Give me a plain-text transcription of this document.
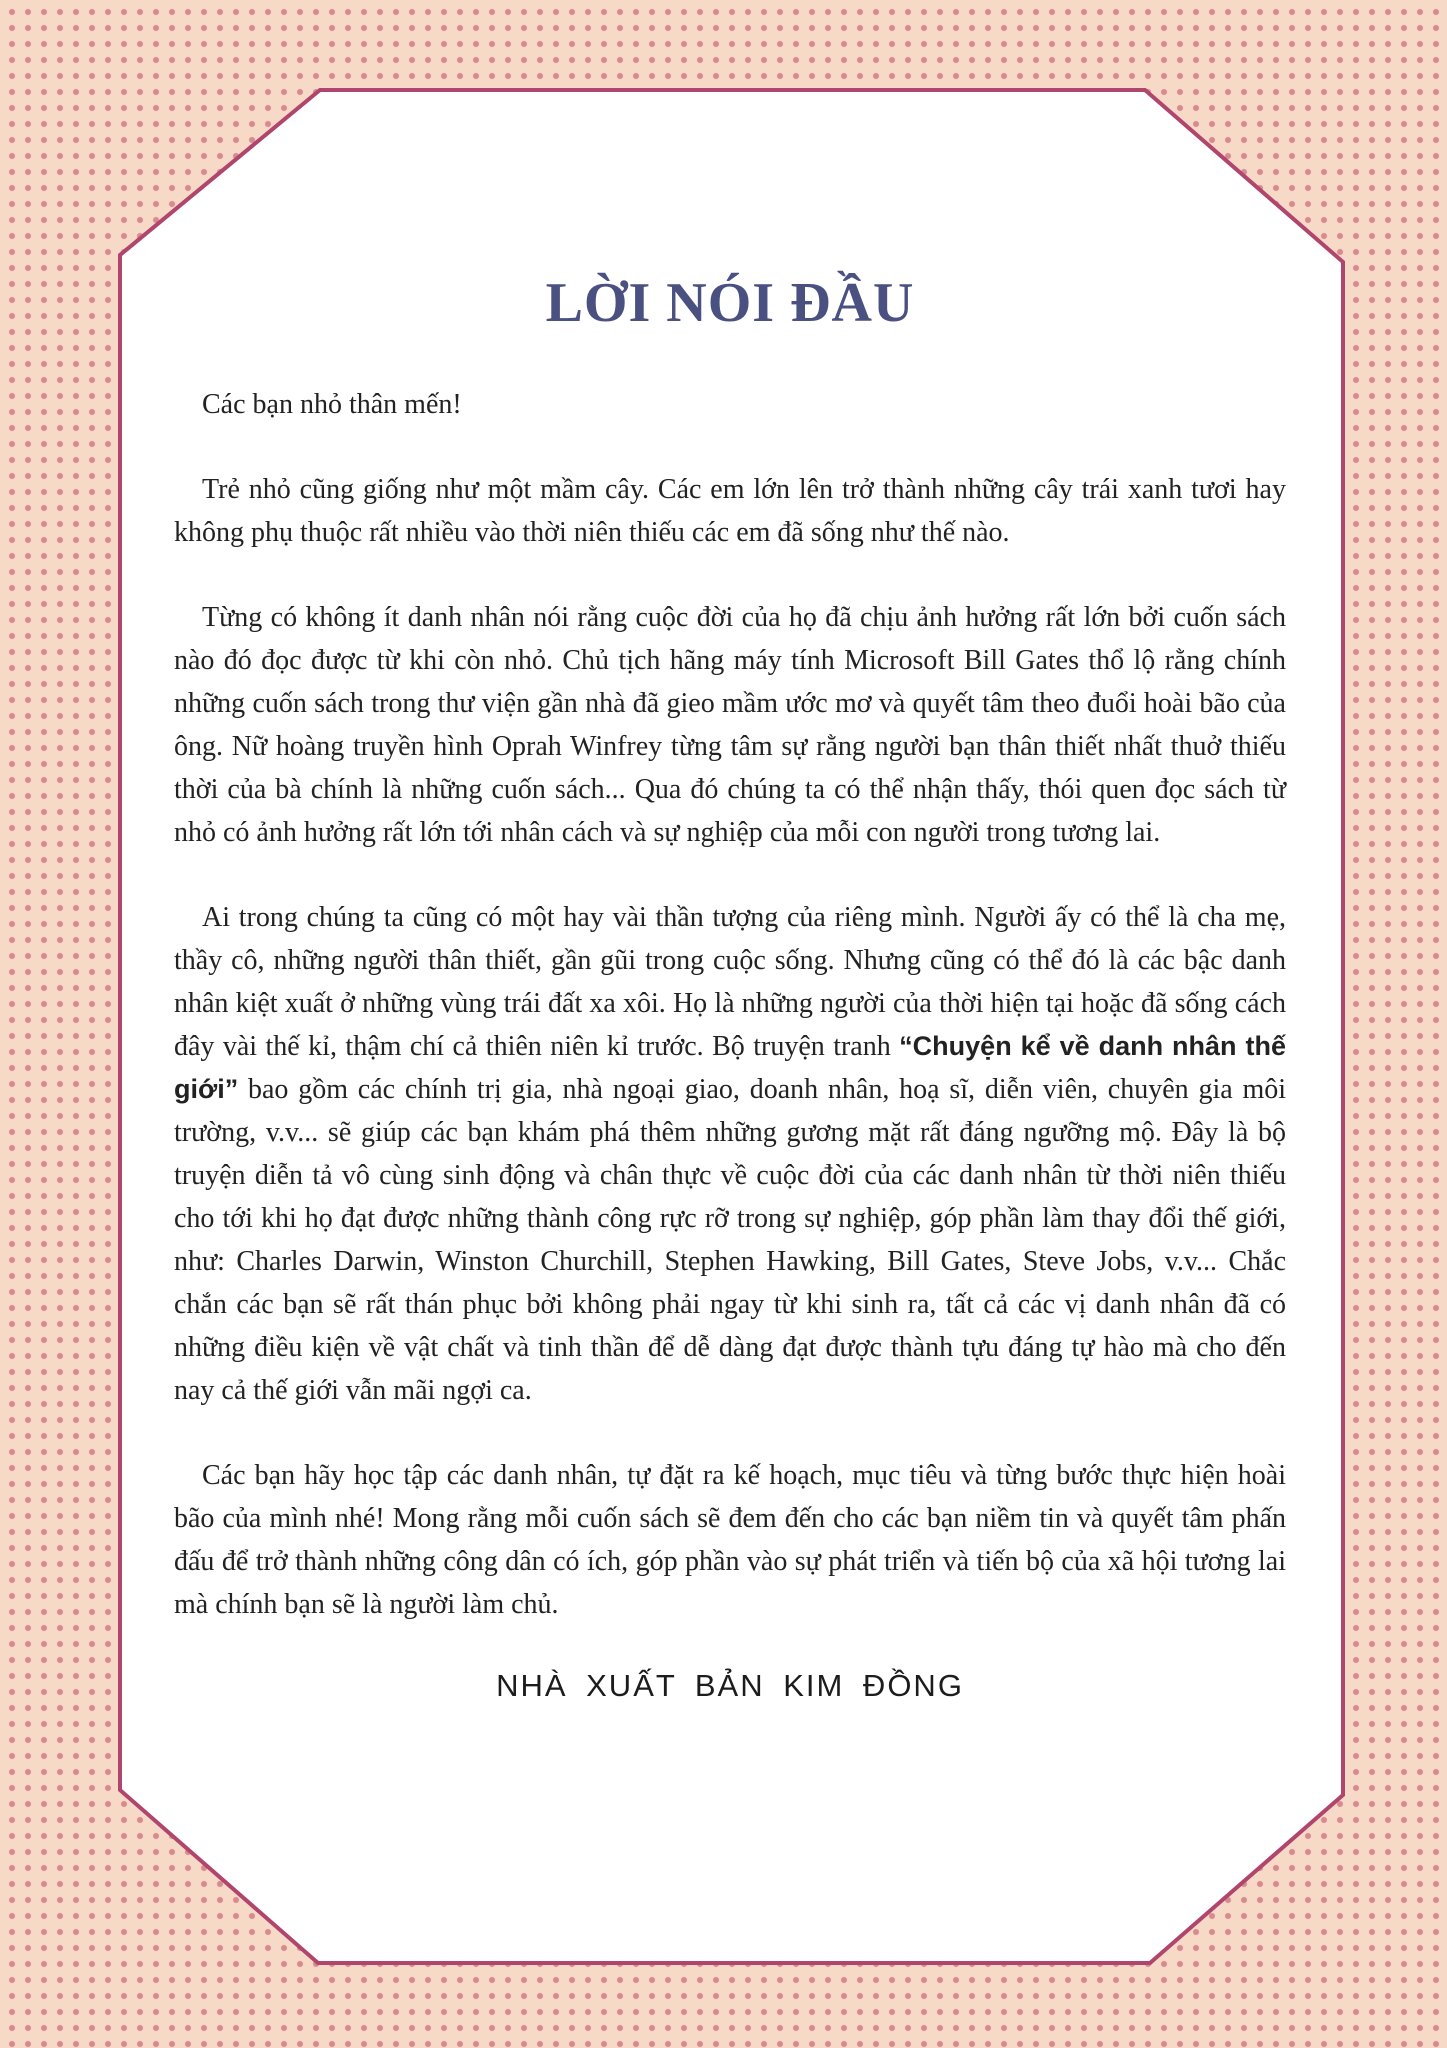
LỜI NÓI ĐẦU

Các bạn nhỏ thân mến!

Trẻ nhỏ cũng giống như một mầm cây. Các em lớn lên trở thành những cây trái xanh tươi hay không phụ thuộc rất nhiều vào thời niên thiếu các em đã sống như thế nào.

Từng có không ít danh nhân nói rằng cuộc đời của họ đã chịu ảnh hưởng rất lớn bởi cuốn sách nào đó đọc được từ khi còn nhỏ. Chủ tịch hãng máy tính Microsoft Bill Gates thổ lộ rằng chính những cuốn sách trong thư viện gần nhà đã gieo mầm ước mơ và quyết tâm theo đuổi hoài bão của ông. Nữ hoàng truyền hình Oprah Winfrey từng tâm sự rằng người bạn thân thiết nhất thuở thiếu thời của bà chính là những cuốn sách... Qua đó chúng ta có thể nhận thấy, thói quen đọc sách từ nhỏ có ảnh hưởng rất lớn tới nhân cách và sự nghiệp của mỗi con người trong tương lai.

Ai trong chúng ta cũng có một hay vài thần tượng của riêng mình. Người ấy có thể là cha mẹ, thầy cô, những người thân thiết, gần gũi trong cuộc sống. Nhưng cũng có thể đó là các bậc danh nhân kiệt xuất ở những vùng trái đất xa xôi. Họ là những người của thời hiện tại hoặc đã sống cách đây vài thế kỉ, thậm chí cả thiên niên kỉ trước. Bộ truyện tranh “Chuyện kể về danh nhân thế giới” bao gồm các chính trị gia, nhà ngoại giao, doanh nhân, hoạ sĩ, diễn viên, chuyên gia môi trường, v.v... sẽ giúp các bạn khám phá thêm những gương mặt rất đáng ngưỡng mộ. Đây là bộ truyện diễn tả vô cùng sinh động và chân thực về cuộc đời của các danh nhân từ thời niên thiếu cho tới khi họ đạt được những thành công rực rỡ trong sự nghiệp, góp phần làm thay đổi thế giới, như: Charles Darwin, Winston Churchill, Stephen Hawking, Bill Gates, Steve Jobs, v.v... Chắc chắn các bạn sẽ rất thán phục bởi không phải ngay từ khi sinh ra, tất cả các vị danh nhân đã có những điều kiện về vật chất và tinh thần để dễ dàng đạt được thành tựu đáng tự hào mà cho đến nay cả thế giới vẫn mãi ngợi ca.

Các bạn hãy học tập các danh nhân, tự đặt ra kế hoạch, mục tiêu và từng bước thực hiện hoài bão của mình nhé! Mong rằng mỗi cuốn sách sẽ đem đến cho các bạn niềm tin và quyết tâm phấn đấu để trở thành những công dân có ích, góp phần vào sự phát triển và tiến bộ của xã hội tương lai mà chính bạn sẽ là người làm chủ.

NHÀ XUẤT BẢN KIM ĐỒNG
